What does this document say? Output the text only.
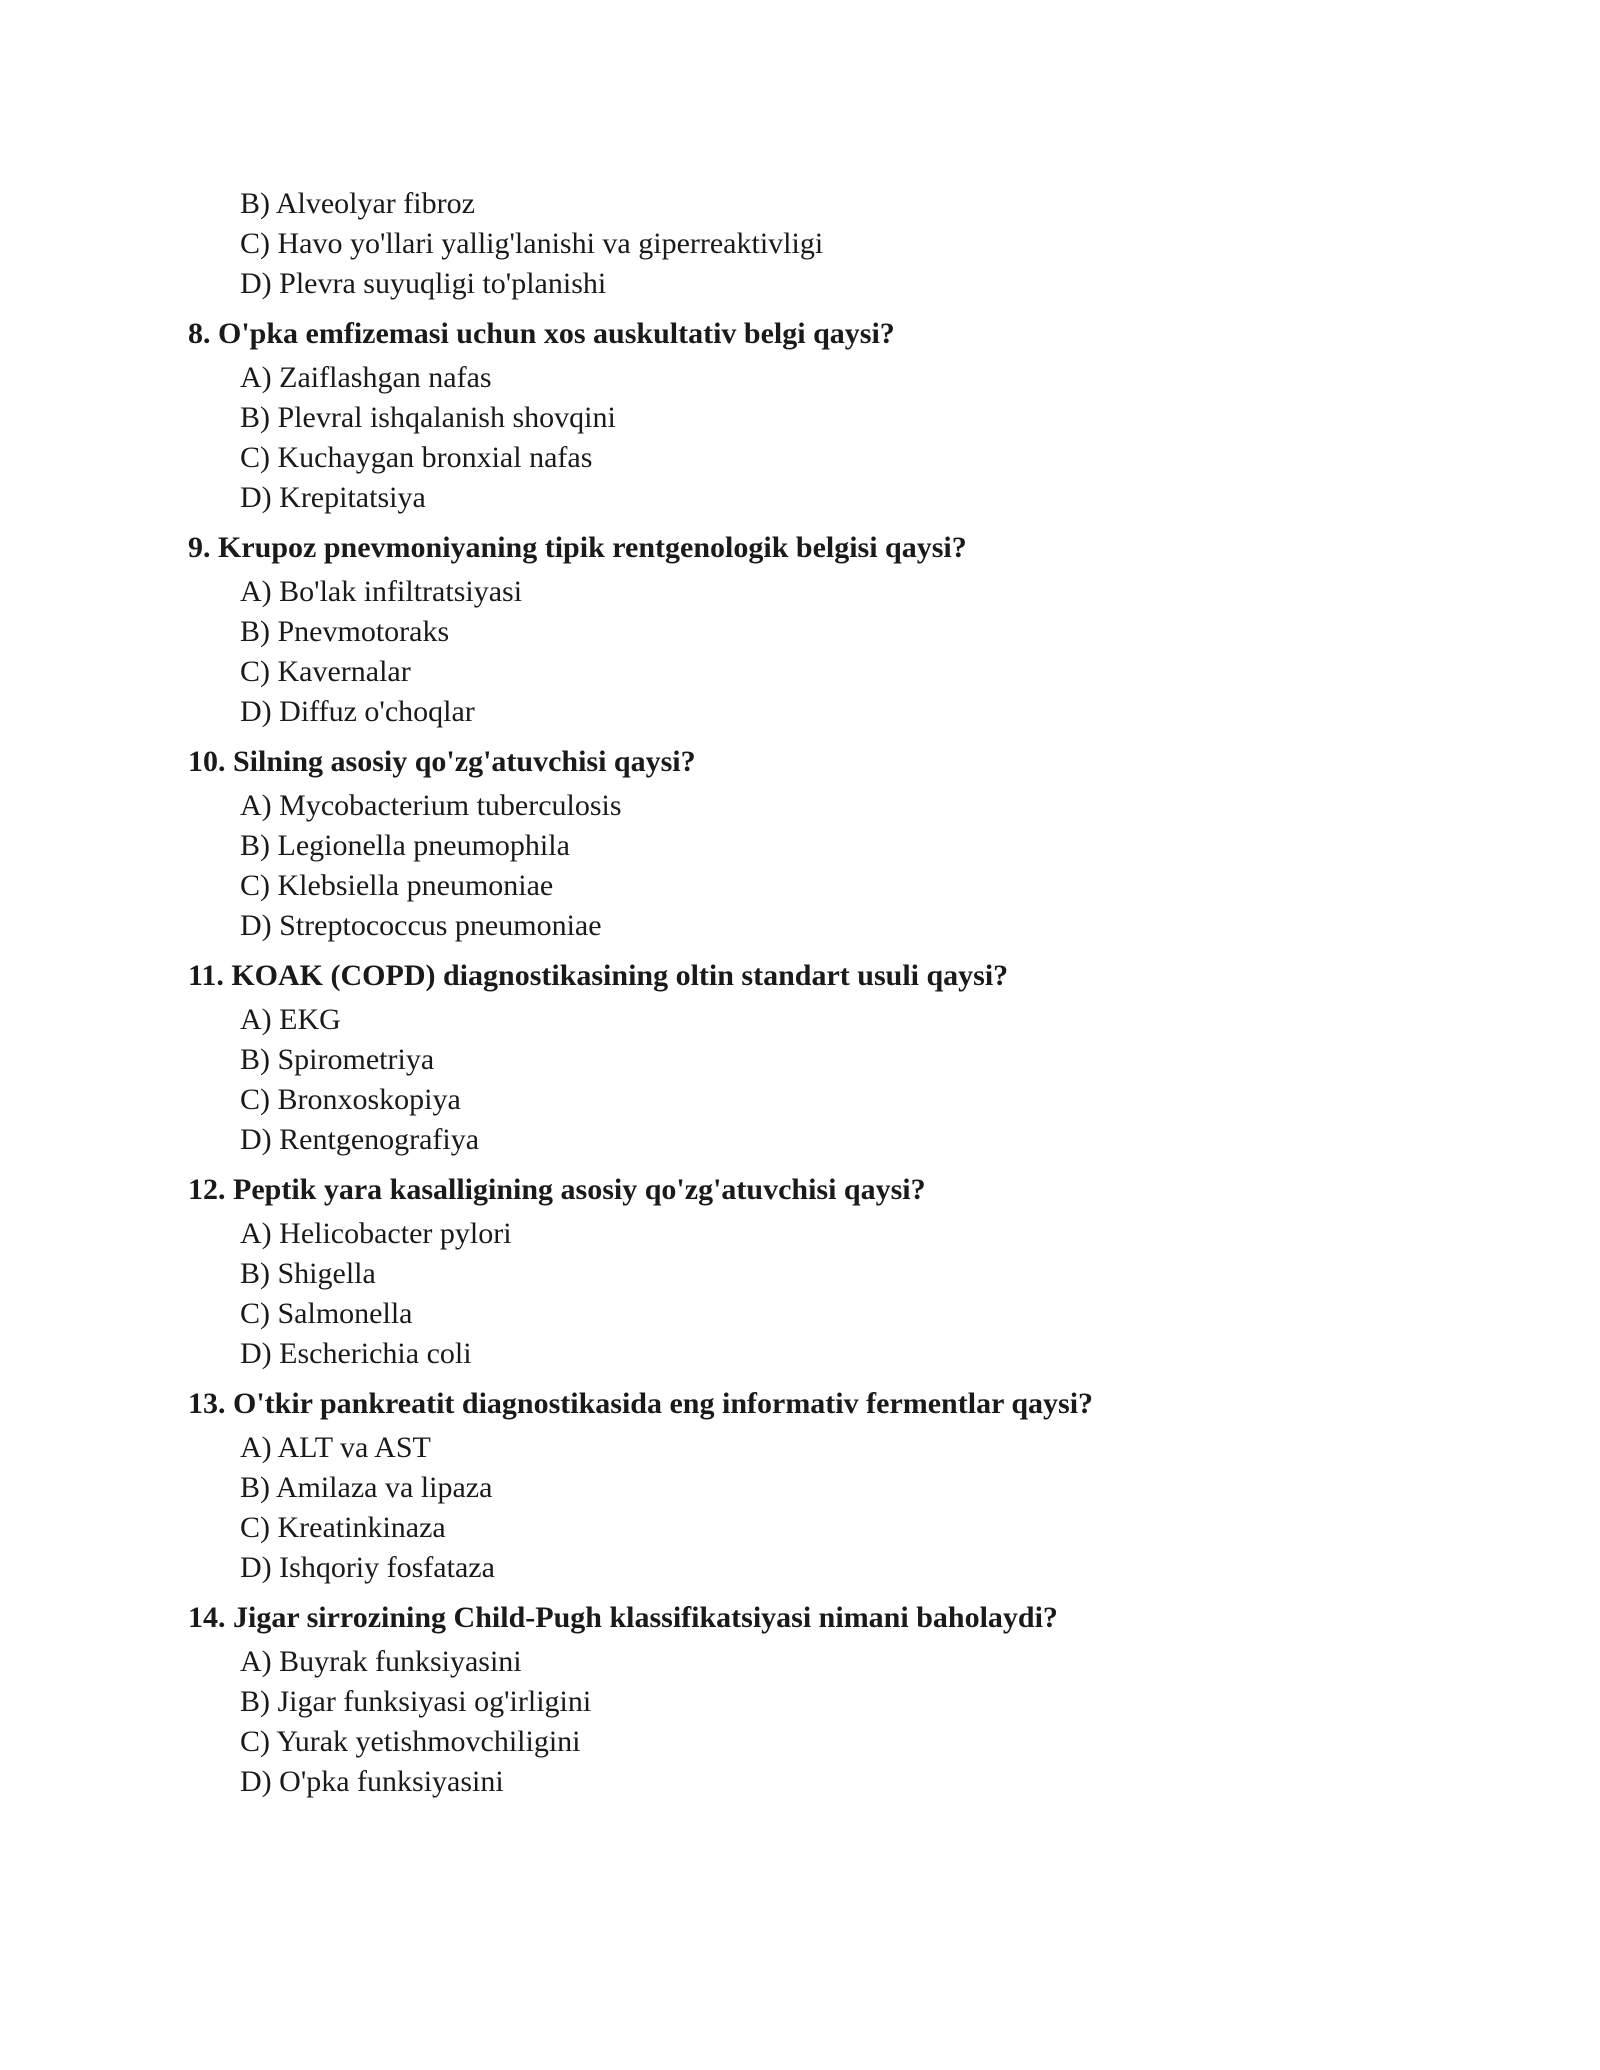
B) Alveolyar fibroz
C) Havo yo'llari yallig'lanishi va giperreaktivligi
D) Plevra suyuqligi to'planishi
8. O'pka emfizemasi uchun xos auskultativ belgi qaysi?
A) Zaiflashgan nafas
B) Plevral ishqalanish shovqini
C) Kuchaygan bronxial nafas
D) Krepitatsiya
9. Krupoz pnevmoniyaning tipik rentgenologik belgisi qaysi?
A) Bo'lak infiltratsiyasi
B) Pnevmotoraks
C) Kavernalar
D) Diffuz o'choqlar
10. Silning asosiy qo'zg'atuvchisi qaysi?
A) Mycobacterium tuberculosis
B) Legionella pneumophila
C) Klebsiella pneumoniae
D) Streptococcus pneumoniae
11. KOAK (COPD) diagnostikasining oltin standart usuli qaysi?
A) EKG
B) Spirometriya
C) Bronxoskopiya
D) Rentgenografiya
12. Peptik yara kasalligining asosiy qo'zg'atuvchisi qaysi?
A) Helicobacter pylori
B) Shigella
C) Salmonella
D) Escherichia coli
13. O'tkir pankreatit diagnostikasida eng informativ fermentlar qaysi?
A) ALT va AST
B) Amilaza va lipaza
C) Kreatinkinaza
D) Ishqoriy fosfataza
14. Jigar sirrozining Child-Pugh klassifikatsiyasi nimani baholaydi?
A) Buyrak funksiyasini
B) Jigar funksiyasi og'irligini
C) Yurak yetishmovchiligini
D) O'pka funksiyasini
